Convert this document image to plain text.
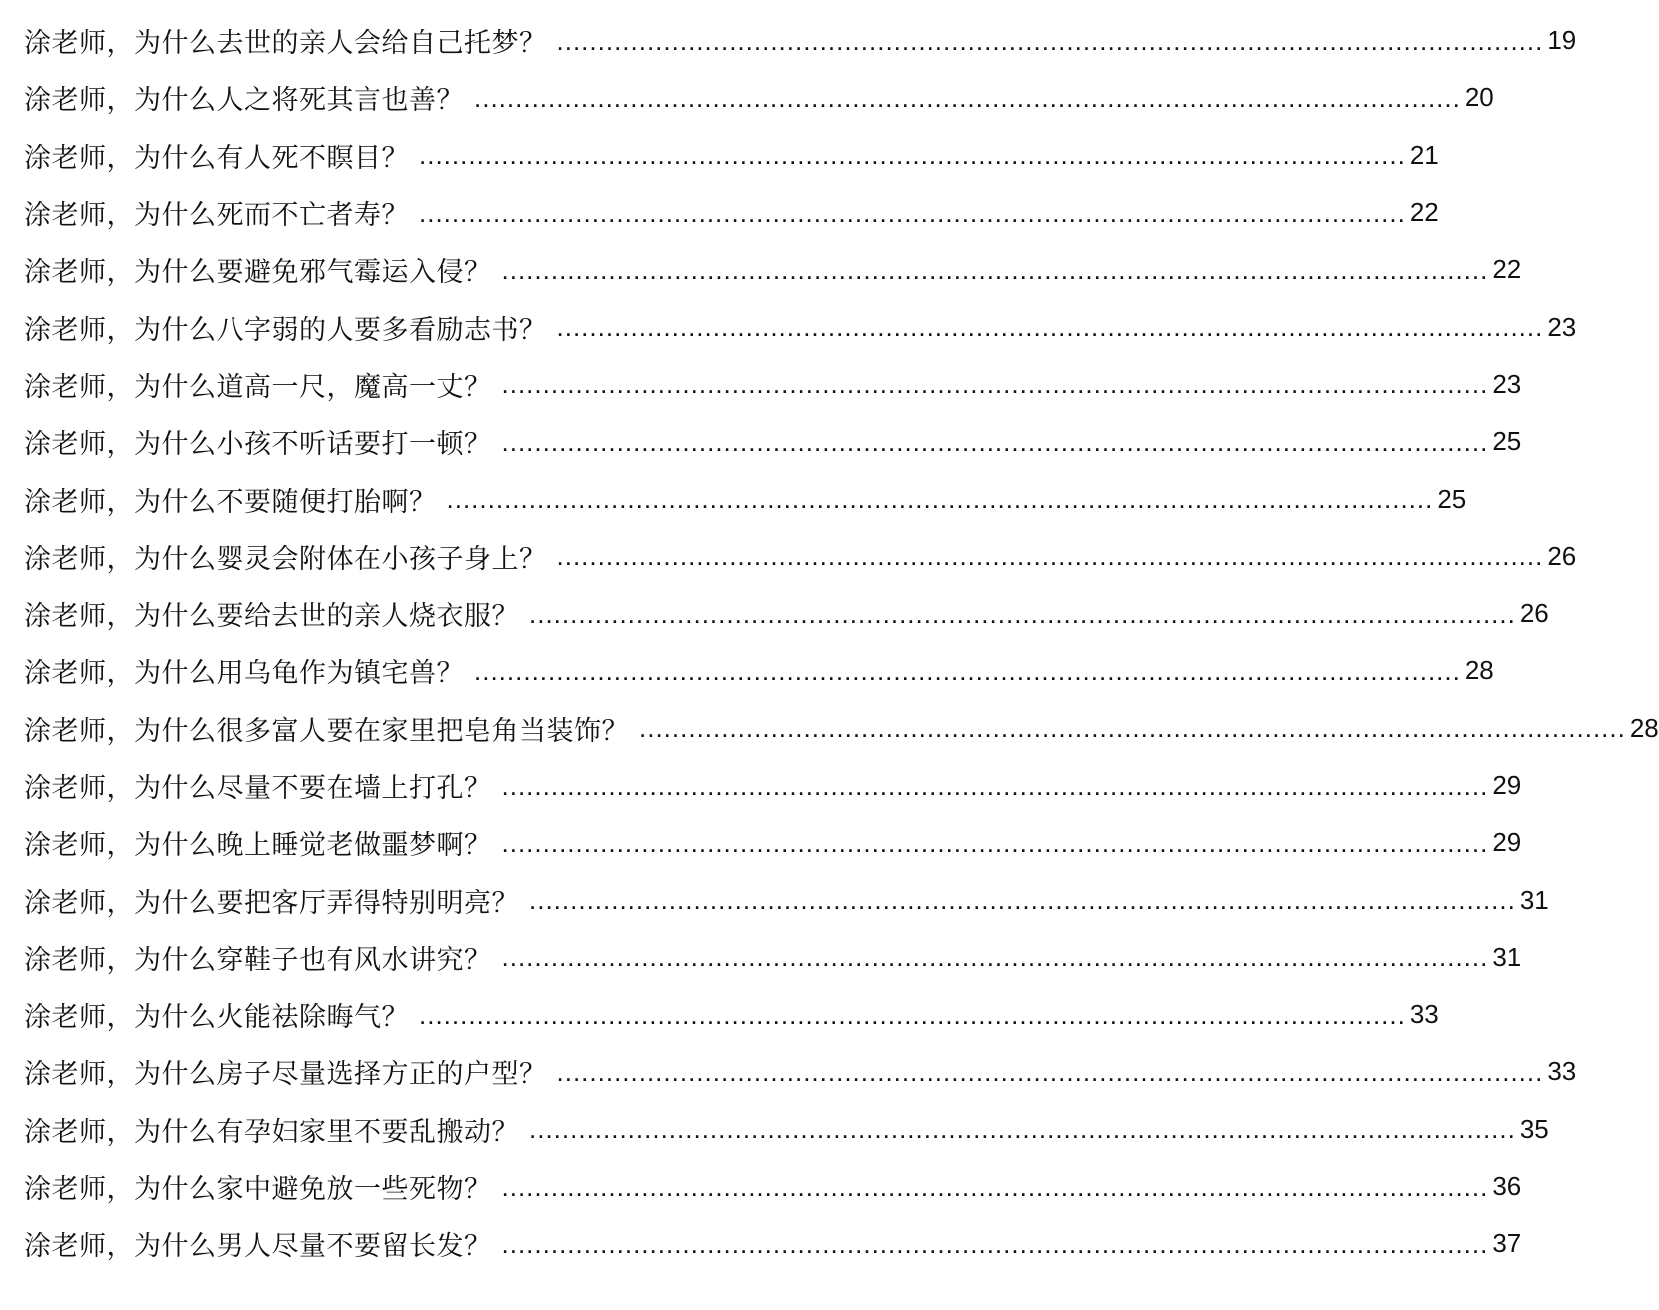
涂老师，为什么去世的亲人会给自己托梦？ ........................................................................................................................ 19
涂老师，为什么人之将死其言也善？ ........................................................................................................................ 20
涂老师，为什么有人死不瞑目？ ........................................................................................................................ 21
涂老师，为什么死而不亡者寿？ ........................................................................................................................ 22
涂老师，为什么要避免邪气霉运入侵？ ........................................................................................................................ 22
涂老师，为什么八字弱的人要多看励志书？ ........................................................................................................................ 23
涂老师，为什么道高一尺，魔高一丈？ ........................................................................................................................ 23
涂老师，为什么小孩不听话要打一顿？ ........................................................................................................................ 25
涂老师，为什么不要随便打胎啊？ ........................................................................................................................ 25
涂老师，为什么婴灵会附体在小孩子身上？ ........................................................................................................................ 26
涂老师，为什么要给去世的亲人烧衣服？ ........................................................................................................................ 26
涂老师，为什么用乌龟作为镇宅兽？ ........................................................................................................................ 28
涂老师，为什么很多富人要在家里把皂角当装饰？ ........................................................................................................................ 28
涂老师，为什么尽量不要在墙上打孔？ ........................................................................................................................ 29
涂老师，为什么晚上睡觉老做噩梦啊？ ........................................................................................................................ 29
涂老师，为什么要把客厅弄得特别明亮？ ........................................................................................................................ 31
涂老师，为什么穿鞋子也有风水讲究？ ........................................................................................................................ 31
涂老师，为什么火能祛除晦气？ ........................................................................................................................ 33
涂老师，为什么房子尽量选择方正的户型？ ........................................................................................................................ 33
涂老师，为什么有孕妇家里不要乱搬动？ ........................................................................................................................ 35
涂老师，为什么家中避免放一些死物？ ........................................................................................................................ 36
涂老师，为什么男人尽量不要留长发？ ........................................................................................................................ 37
